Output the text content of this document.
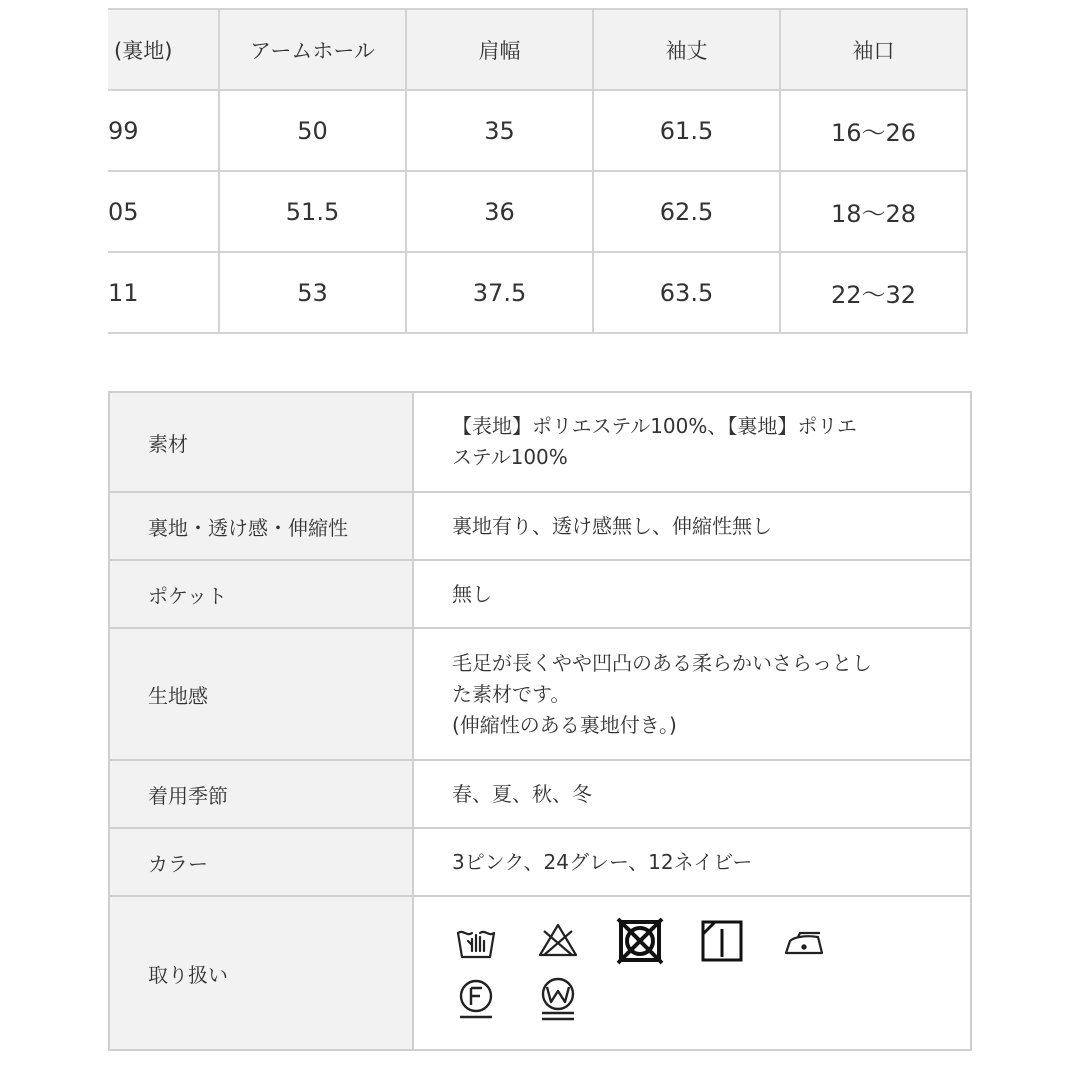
(裏地)	アームホール	肩幅	袖丈	袖口

99	50	35	61.5	16〜26

05	51.5	36	62.5	18〜28

11	53	37.5	63.5	22〜32
素材	【表地】ポリエステル100%、【裏地】ポリエ
ステル100%

裏地・透け感・伸縮性	裏地有り、透け感無し、伸縮性無し
ポケット	無し
生地感	毛足が長くやや凹凸のある柔らかいさらっとし
た素材です。
(伸縮性のある裏地付き。)

着用季節	春、夏、秋、冬
カラー	3ピンク、24グレー、12ネイビー
取り扱い	
